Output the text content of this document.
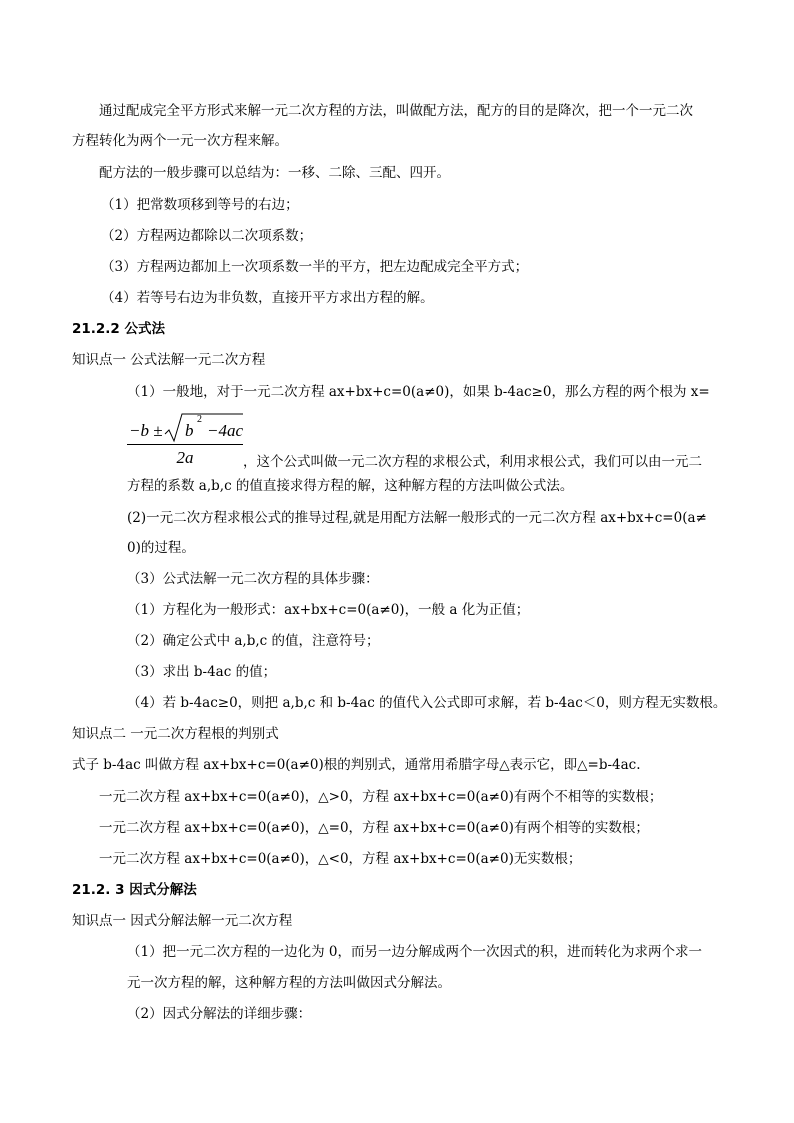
通过配成完全平方形式来解一元二次方程的方法，叫做配方法，配方的目的是降次，把一个一元二次
方程转化为两个一元一次方程来解。
配方法的一般步骤可以总结为：一移、二除、三配、四开。
（1）把常数项移到等号的右边；
（2）方程两边都除以二次项系数；
（3）方程两边都加上一次项系数一半的平方，把左边配成完全平方式；
（4）若等号右边为非负数，直接开平方求出方程的解。
21.2.2 公式法
知识点一 公式法解一元二次方程
（1）一般地，对于一元二次方程 ax+bx+c=0(a≠0)，如果 b-4ac≥0，那么方程的两个根为 x=
−b ± b
2
−4ac
2a	，这个公式叫做一元二次方程的求根公式，利用求根公式，我们可以由一元二
方程的系数 a,b,c 的值直接求得方程的解，这种解方程的方法叫做公式法。
(2)一元二次方程求根公式的推导过程,就是用配方法解一般形式的一元二次方程 ax+bx+c=0(a≠
0)的过程。
（3）公式法解一元二次方程的具体步骤：
（1）方程化为一般形式：ax+bx+c=0(a≠0)，一般 a 化为正值；
（2）确定公式中 a,b,c 的值，注意符号；
（3）求出 b-4ac 的值；
（4）若 b-4ac≥0，则把 a,b,c 和 b-4ac 的值代入公式即可求解，若 b-4ac＜0，则方程无实数根。
知识点二 一元二次方程根的判别式
式子 b-4ac 叫做方程 ax+bx+c=0(a≠0)根的判别式，通常用希腊字母△表示它，即△=b-4ac.
一元二次方程 ax+bx+c=0(a≠0)，△>0，方程 ax+bx+c=0(a≠0)有两个不相等的实数根；
一元二次方程 ax+bx+c=0(a≠0)，△=0，方程 ax+bx+c=0(a≠0)有两个相等的实数根；
一元二次方程 ax+bx+c=0(a≠0)，△<0，方程 ax+bx+c=0(a≠0)无实数根；
21.2. 3 因式分解法
知识点一 因式分解法解一元二次方程
（1）把一元二次方程的一边化为 0，而另一边分解成两个一次因式的积，进而转化为求两个求一
元一次方程的解，这种解方程的方法叫做因式分解法。
（2）因式分解法的详细步骤：
